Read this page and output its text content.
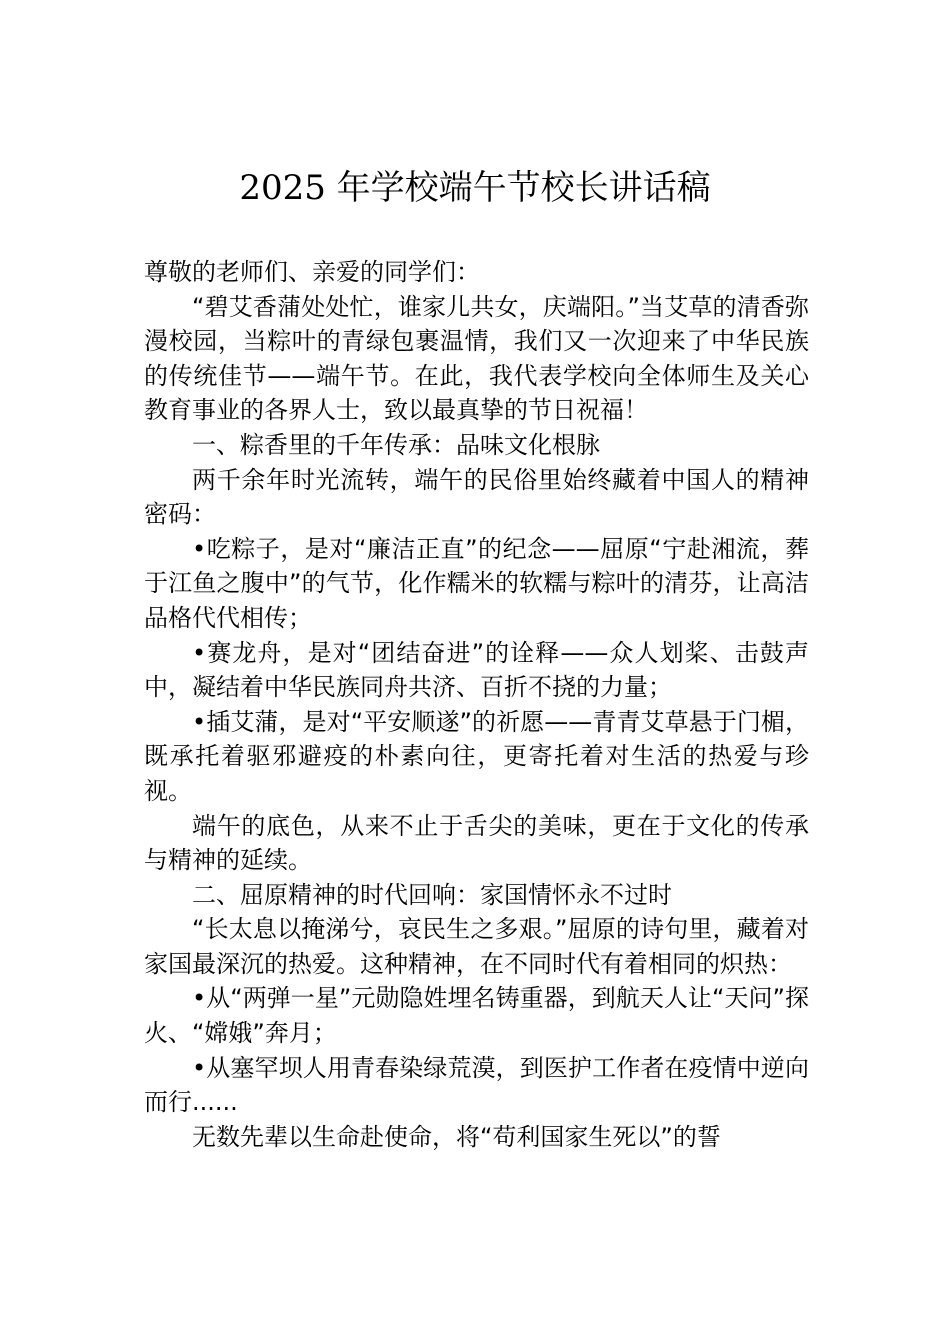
2025 年学校端午节校长讲话稿

尊敬的老师们、亲爱的同学们：

“碧艾香蒲处处忙，谁家儿共女，庆端阳。”当艾草的清香弥漫校园，当粽叶的青绿包裹温情，我们又一次迎来了中华民族的传统佳节——端午节。在此，我代表学校向全体师生及关心教育事业的各界人士，致以最真挚的节日祝福！

一、粽香里的千年传承：品味文化根脉

两千余年时光流转，端午的民俗里始终藏着中国人的精神密码：

•吃粽子，是对“廉洁正直”的纪念——屈原“宁赴湘流，葬于江鱼之腹中”的气节，化作糯米的软糯与粽叶的清芬，让高洁品格代代相传；

•赛龙舟，是对“团结奋进”的诠释——众人划桨、击鼓声中，凝结着中华民族同舟共济、百折不挠的力量；

•插艾蒲，是对“平安顺遂”的祈愿——青青艾草悬于门楣，既承托着驱邪避疫的朴素向往，更寄托着对生活的热爱与珍视。

端午的底色，从来不止于舌尖的美味，更在于文化的传承与精神的延续。

二、屈原精神的时代回响：家国情怀永不过时

“长太息以掩涕兮，哀民生之多艰。”屈原的诗句里，藏着对家国最深沉的热爱。这种精神，在不同时代有着相同的炽热：

•从“两弹一星”元勋隐姓埋名铸重器，到航天人让“天问”探火、“嫦娥”奔月；

•从塞罕坝人用青春染绿荒漠，到医护工作者在疫情中逆向而行......

无数先辈以生命赴使命，将“苟利国家生死以”的誓
